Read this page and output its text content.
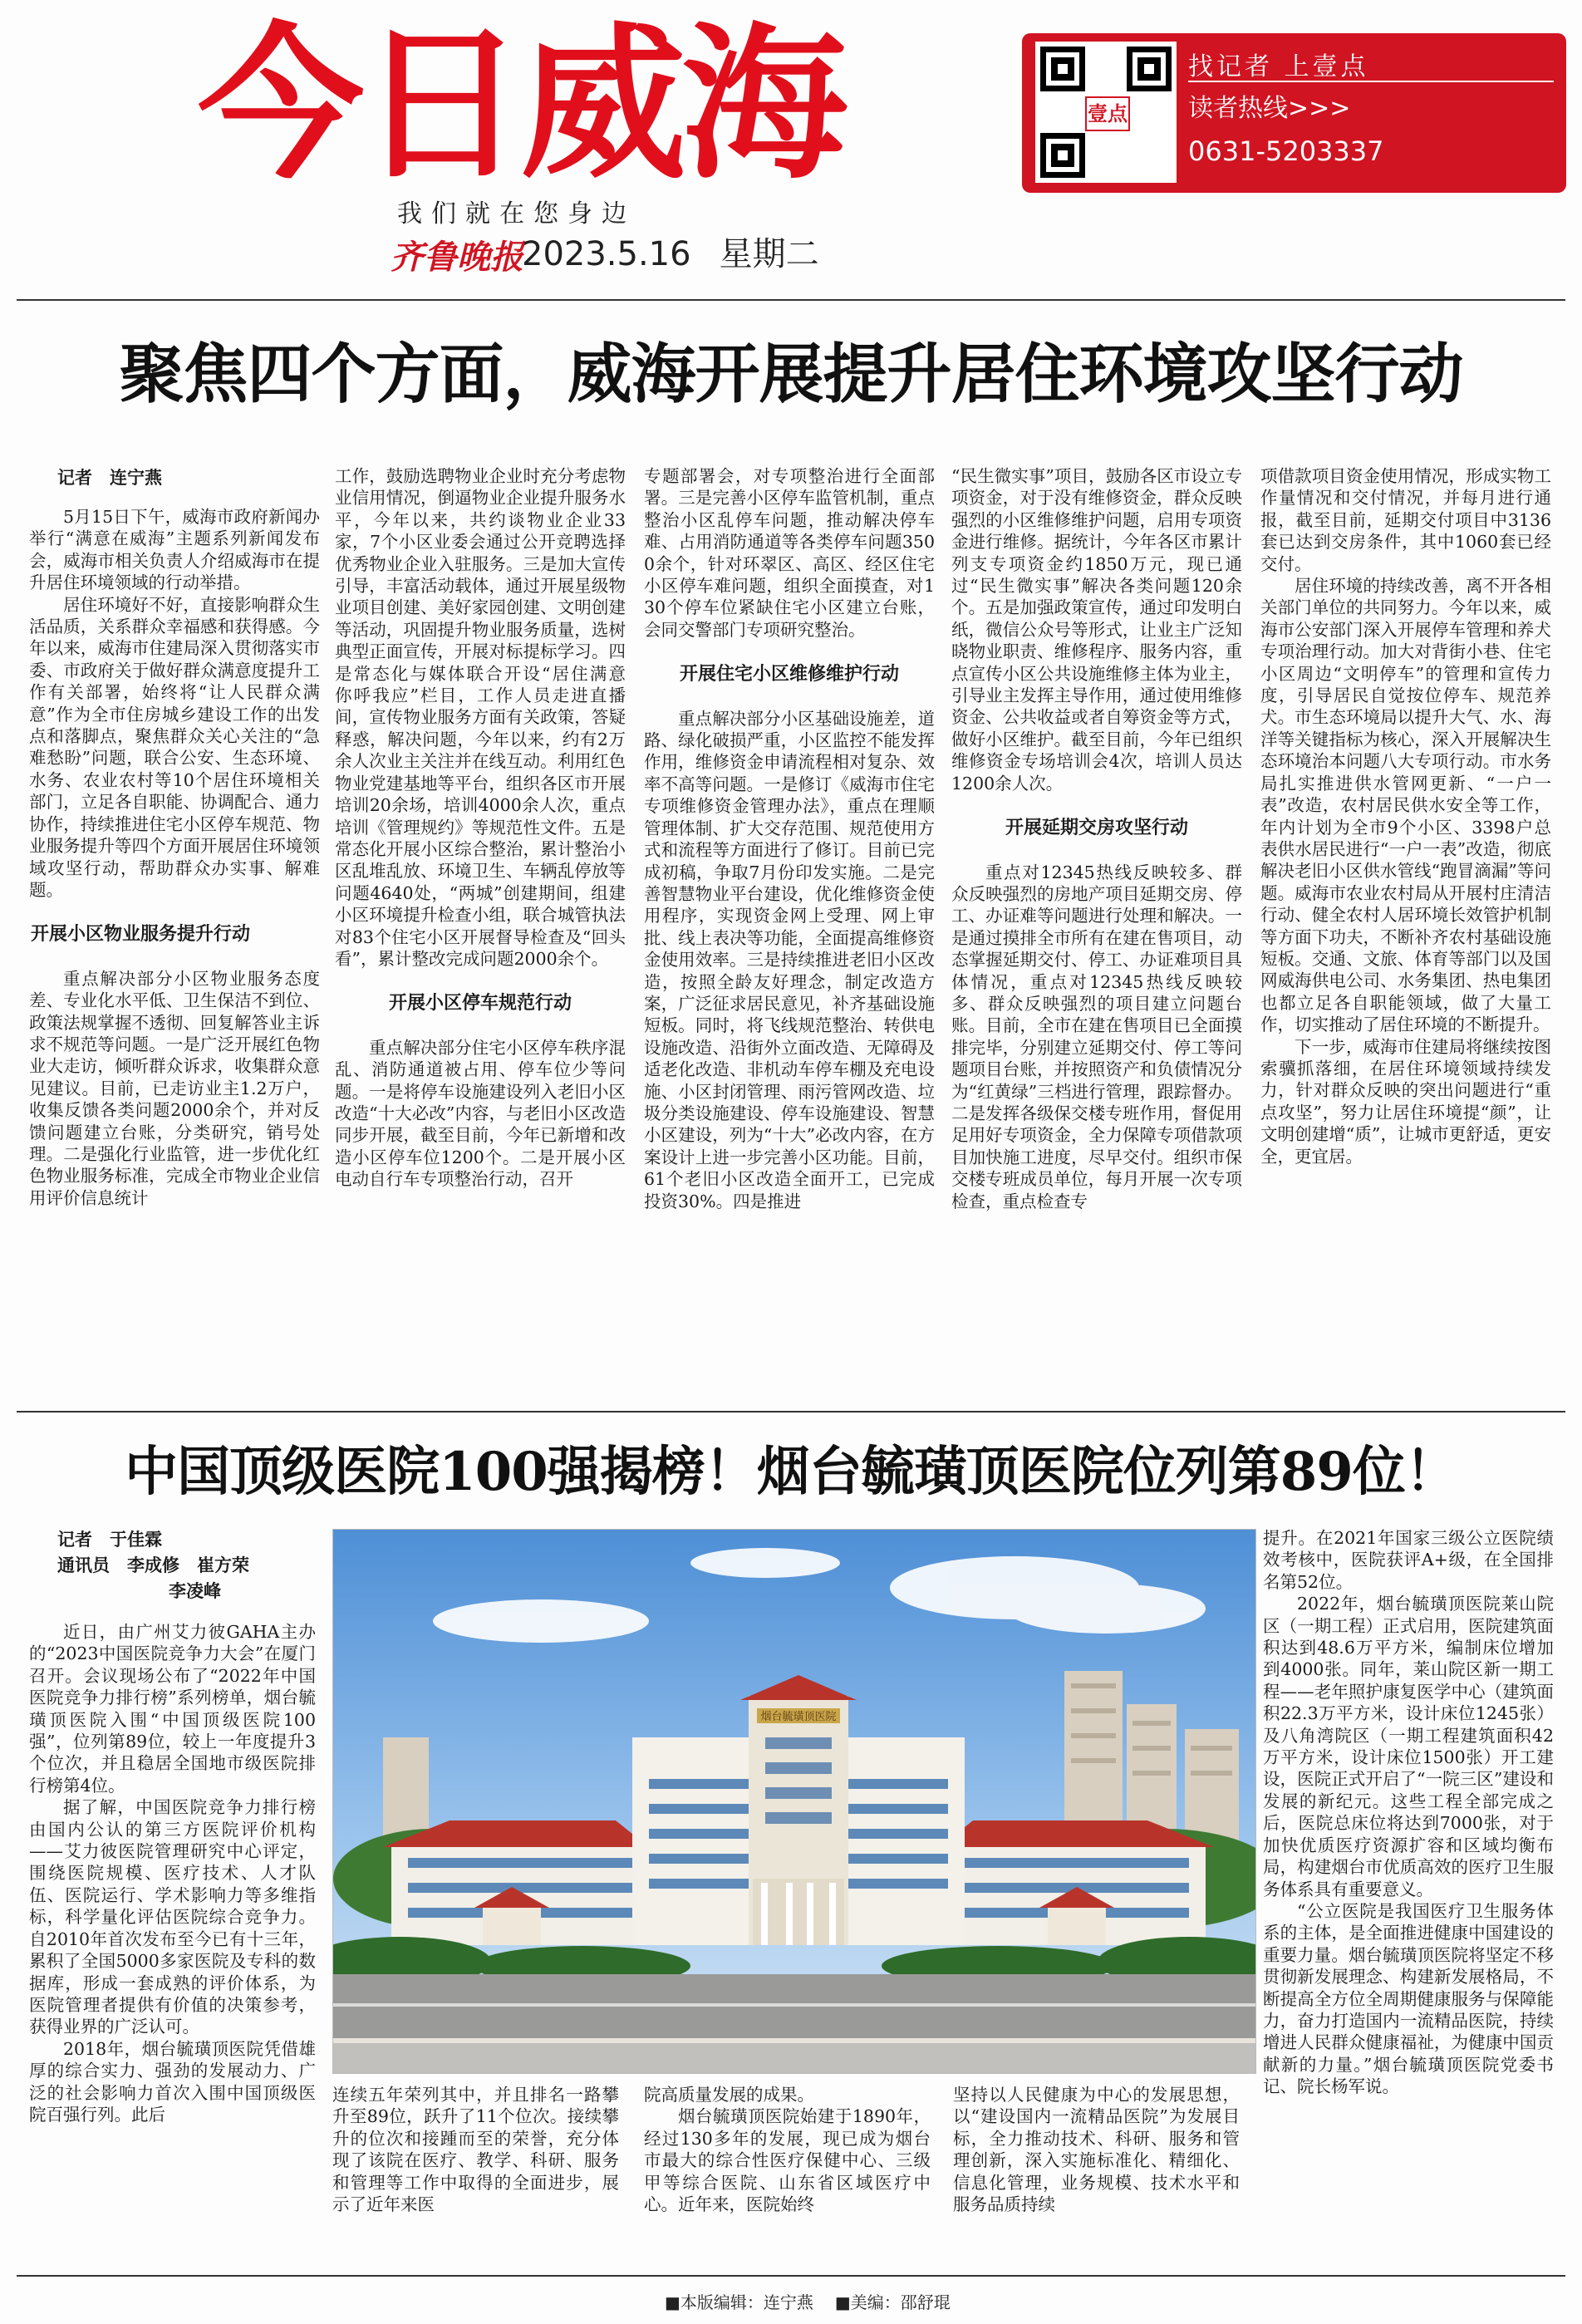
今日威海
我们就在您身边
齐鲁晚报
2023.5.16 星期二
壹点
找记者 上壹点
读者热线>>>
0631-5203337
聚焦四个方面，威海开展提升居住环境攻坚行动

记者　连宁燕

5月15日下午，威海市政府新闻办举行“满意在威海”主题系列新闻发布会，威海市相关负责人介绍威海市在提升居住环境领域的行动举措。

居住环境好不好，直接影响群众生活品质，关系群众幸福感和获得感。今年以来，威海市住建局深入贯彻落实市委、市政府关于做好群众满意度提升工作有关部署，始终将“让人民群众满意”作为全市住房城乡建设工作的出发点和落脚点，聚焦群众关心关注的“急难愁盼”问题，联合公安、生态环境、水务、农业农村等10个居住环境相关部门，立足各自职能、协调配合、通力协作，持续推进住宅小区停车规范、物业服务提升等四个方面开展居住环境领域攻坚行动，帮助群众办实事、解难题。

开展小区物业服务提升行动

重点解决部分小区物业服务态度差、专业化水平低、卫生保洁不到位、政策法规掌握不透彻、回复解答业主诉求不规范等问题。一是广泛开展红色物业大走访，倾听群众诉求，收集群众意见建议。目前，已走访业主1.2万户，收集反馈各类问题2000余个，并对反馈问题建立台账，分类研究，销号处理。二是强化行业监管，进一步优化红色物业服务标准，完成全市物业企业信用评价信息统计

工作，鼓励选聘物业企业时充分考虑物业信用情况，倒逼物业企业提升服务水平，今年以来，共约谈物业企业33家，7个小区业委会通过公开竞聘选择优秀物业企业入驻服务。三是加大宣传引导，丰富活动载体，通过开展星级物业项目创建、美好家园创建、文明创建等活动，巩固提升物业服务质量，选树典型正面宣传，开展对标提标学习。四是常态化与媒体联合开设“居住满意　你呼我应”栏目，工作人员走进直播间，宣传物业服务方面有关政策，答疑释惑，解决问题，今年以来，约有2万余人次业主关注并在线互动。利用红色物业党建基地等平台，组织各区市开展培训20余场，培训4000余人次，重点培训《管理规约》等规范性文件。五是常态化开展小区综合整治，累计整治小区乱堆乱放、环境卫生、车辆乱停放等问题4640处，“两城”创建期间，组建小区环境提升检查小组，联合城管执法对83个住宅小区开展督导检查及“回头看”，累计整改完成问题2000余个。

开展小区停车规范行动

重点解决部分住宅小区停车秩序混乱、消防通道被占用、停车位少等问题。一是将停车设施建设列入老旧小区改造“十大必改”内容，与老旧小区改造同步开展，截至目前，今年已新增和改造小区停车位1200个。二是开展小区电动自行车专项整治行动，召开

专题部署会，对专项整治进行全面部署。三是完善小区停车监管机制，重点整治小区乱停车问题，推动解决停车难、占用消防通道等各类停车问题3500余个，针对环翠区、高区、经区住宅小区停车难问题，组织全面摸查，对130个停车位紧缺住宅小区建立台账，会同交警部门专项研究整治。

开展住宅小区维修维护行动

重点解决部分小区基础设施差，道路、绿化破损严重，小区监控不能发挥作用，维修资金申请流程相对复杂、效率不高等问题。一是修订《威海市住宅专项维修资金管理办法》，重点在理顺管理体制、扩大交存范围、规范使用方式和流程等方面进行了修订。目前已完成初稿，争取7月份印发实施。二是完善智慧物业平台建设，优化维修资金使用程序，实现资金网上受理、网上审批、线上表决等功能，全面提高维修资金使用效率。三是持续推进老旧小区改造，按照全龄友好理念，制定改造方案，广泛征求居民意见，补齐基础设施短板。同时，将飞线规范整治、转供电设施改造、沿街外立面改造、无障碍及适老化改造、非机动车停车棚及充电设施、小区封闭管理、雨污管网改造、垃圾分类设施建设、停车设施建设、智慧小区建设，列为“十大”必改内容，在方案设计上进一步完善小区功能。目前，61个老旧小区改造全面开工，已完成投资30%。四是推进

“民生微实事”项目，鼓励各区市设立专项资金，对于没有维修资金，群众反映强烈的小区维修维护问题，启用专项资金进行维修。据统计，今年各区市累计列支专项资金约1850万元，现已通过“民生微实事”解决各类问题120余个。五是加强政策宣传，通过印发明白纸，微信公众号等形式，让业主广泛知晓物业职责、维修程序、服务内容，重点宣传小区公共设施维修主体为业主，引导业主发挥主导作用，通过使用维修资金、公共收益或者自筹资金等方式，做好小区维护。截至目前，今年已组织维修资金专场培训会4次，培训人员达1200余人次。

开展延期交房攻坚行动

重点对12345热线反映较多、群众反映强烈的房地产项目延期交房、停工、办证难等问题进行处理和解决。一是通过摸排全市所有在建在售项目，动态掌握延期交付、停工、办证难项目具体情况，重点对12345热线反映较多、群众反映强烈的项目建立问题台账。目前，全市在建在售项目已全面摸排完毕，分别建立延期交付、停工等问题项目台账，并按照资产和负债情况分为“红黄绿”三档进行管理，跟踪督办。二是发挥各级保交楼专班作用，督促用足用好专项资金，全力保障专项借款项目加快施工进度，尽早交付。组织市保交楼专班成员单位，每月开展一次专项检查，重点检查专

项借款项目资金使用情况，形成实物工作量情况和交付情况，并每月进行通报，截至目前，延期交付项目中3136套已达到交房条件，其中1060套已经交付。

居住环境的持续改善，离不开各相关部门单位的共同努力。今年以来，威海市公安部门深入开展停车管理和养犬专项治理行动。加大对背街小巷、住宅小区周边“文明停车”的管理和宣传力度，引导居民自觉按位停车、规范养犬。市生态环境局以提升大气、水、海洋等关键指标为核心，深入开展解决生态环境治本问题八大专项行动。市水务局扎实推进供水管网更新、“一户一表”改造，农村居民供水安全等工作，年内计划为全市9个小区、3398户总表供水居民进行“一户一表”改造，彻底解决老旧小区供水管线“跑冒滴漏”等问题。威海市农业农村局从开展村庄清洁行动、健全农村人居环境长效管护机制等方面下功夫，不断补齐农村基础设施短板。交通、文旅、体育等部门以及国网威海供电公司、水务集团、热电集团也都立足各自职能领域，做了大量工作，切实推动了居住环境的不断提升。

下一步，威海市住建局将继续按图索骥抓落细，在居住环境领域持续发力，针对群众反映的突出问题进行“重点攻坚”，努力让居住环境提“颜”，让文明创建增“质”，让城市更舒适，更安全，更宜居。

中国顶级医院100强揭榜！烟台毓璜顶医院位列第89位！

记者　于佳霖

通讯员　李成修　崔方荣

李凌峰

近日，由广州艾力彼GAHA主办的“2023中国医院竞争力大会”在厦门召开。会议现场公布了“2022年中国医院竞争力排行榜”系列榜单，烟台毓璜顶医院入围“中国顶级医院100强”，位列第89位，较上一年度提升3个位次，并且稳居全国地市级医院排行榜第4位。

据了解，中国医院竞争力排行榜由国内公认的第三方医院评价机构——艾力彼医院管理研究中心评定，围绕医院规模、医疗技术、人才队伍、医院运行、学术影响力等多维指标，科学量化评估医院综合竞争力。自2010年首次发布至今已有十三年，累积了全国5000多家医院及专科的数据库，形成一套成熟的评价体系，为医院管理者提供有价值的决策参考，获得业界的广泛认可。

2018年，烟台毓璜顶医院凭借雄厚的综合实力、强劲的发展动力、广泛的社会影响力首次入围中国顶级医院百强行列。此后

烟台毓璜顶医院

连续五年荣列其中，并且排名一路攀升至89位，跃升了11个位次。接续攀升的位次和接踵而至的荣誉，充分体现了该院在医疗、教学、科研、服务和管理等工作中取得的全面进步，展示了近年来医

院高质量发展的成果。

烟台毓璜顶医院始建于1890年，经过130多年的发展，现已成为烟台市最大的综合性医疗保健中心、三级甲等综合医院、山东省区域医疗中心。近年来，医院始终

坚持以人民健康为中心的发展思想，以“建设国内一流精品医院”为发展目标，全力推动技术、科研、服务和管理创新，深入实施标准化、精细化、信息化管理，业务规模、技术水平和服务品质持续

提升。在2021年国家三级公立医院绩效考核中，医院获评A+级，在全国排名第52位。

2022年，烟台毓璜顶医院莱山院区（一期工程）正式启用，医院建筑面积达到48.6万平方米，编制床位增加到4000张。同年，莱山院区新一期工程——老年照护康复医学中心（建筑面积22.3万平方米，设计床位1245张）及八角湾院区（一期工程建筑面积42万平方米，设计床位1500张）开工建设，医院正式开启了“一院三区”建设和发展的新纪元。这些工程全部完成之后，医院总床位将达到7000张，对于加快优质医疗资源扩容和区域均衡布局，构建烟台市优质高效的医疗卫生服务体系具有重要意义。

“公立医院是我国医疗卫生服务体系的主体，是全面推进健康中国建设的重要力量。烟台毓璜顶医院将坚定不移贯彻新发展理念、构建新发展格局，不断提高全方位全周期健康服务与保障能力，奋力打造国内一流精品医院，持续增进人民群众健康福祉，为健康中国贡献新的力量。”烟台毓璜顶医院党委书记、院长杨军说。

■本版编辑：连宁燕 ■美编：邵舒琨
